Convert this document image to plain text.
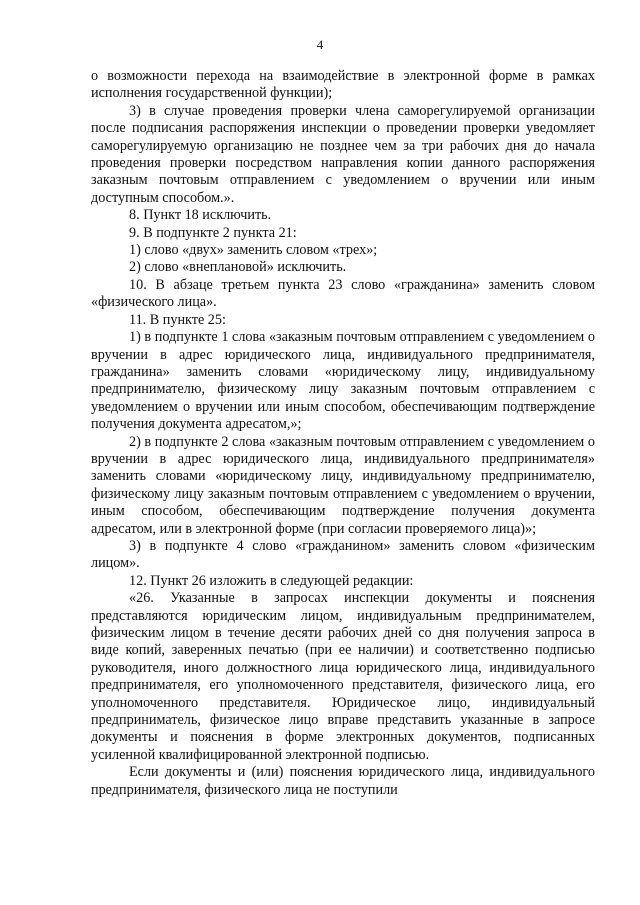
4

о возможности перехода на взаимодействие в электронной форме в рамках исполнения государственной функции);

3) в случае проведения проверки члена саморегулируемой организации после подписания распоряжения инспекции о проведении проверки уведомляет саморегулируемую организацию не позднее чем за три рабочих дня до начала проведения проверки посредством направления копии данного распоряжения заказным почтовым отправлением с уведомлением о вручении или иным доступным способом.».

8. Пункт 18 исключить.

9. В подпункте 2 пункта 21:

1) слово «двух» заменить словом «трех»;

2) слово «внеплановой» исключить.

10. В абзаце третьем пункта 23 слово «гражданина» заменить словом «физического лица».

11. В пункте 25:

1) в подпункте 1 слова «заказным почтовым отправлением с уведомлением о вручении в адрес юридического лица, индивидуального предпринимателя, гражданина» заменить словами «юридическому лицу, индивидуальному предпринимателю, физическому лицу заказным почтовым отправлением с уведомлением о вручении или иным способом, обеспечивающим подтверждение получения документа адресатом,»;

2) в подпункте 2 слова «заказным почтовым отправлением с уведомлением о вручении в адрес юридического лица, индивидуального предпринимателя» заменить словами «юридическому лицу, индивидуальному предпринимателю, физическому лицу заказным почтовым отправлением с уведомлением о вручении, иным способом, обеспечивающим подтверждение получения документа адресатом, или в электронной форме (при согласии проверяемого лица)»;

3) в подпункте 4 слово «гражданином» заменить словом «физическим лицом».

12. Пункт 26 изложить в следующей редакции:

«26. Указанные в запросах инспекции документы и пояснения представляются юридическим лицом, индивидуальным предпринимателем, физическим лицом в течение десяти рабочих дней со дня получения запроса в виде копий, заверенных печатью (при ее наличии) и соответственно подписью руководителя, иного должностного лица юридического лица, индивидуального предпринимателя, его уполномоченного представителя, физического лица, его уполномоченного представителя. Юридическое лицо, индивидуальный предприниматель, физическое лицо вправе представить указанные в запросе документы и пояснения в форме электронных документов, подписанных усиленной квалифицированной электронной подписью.

Если документы и (или) пояснения юридического лица, индивидуального предпринимателя, физического лица не поступили
